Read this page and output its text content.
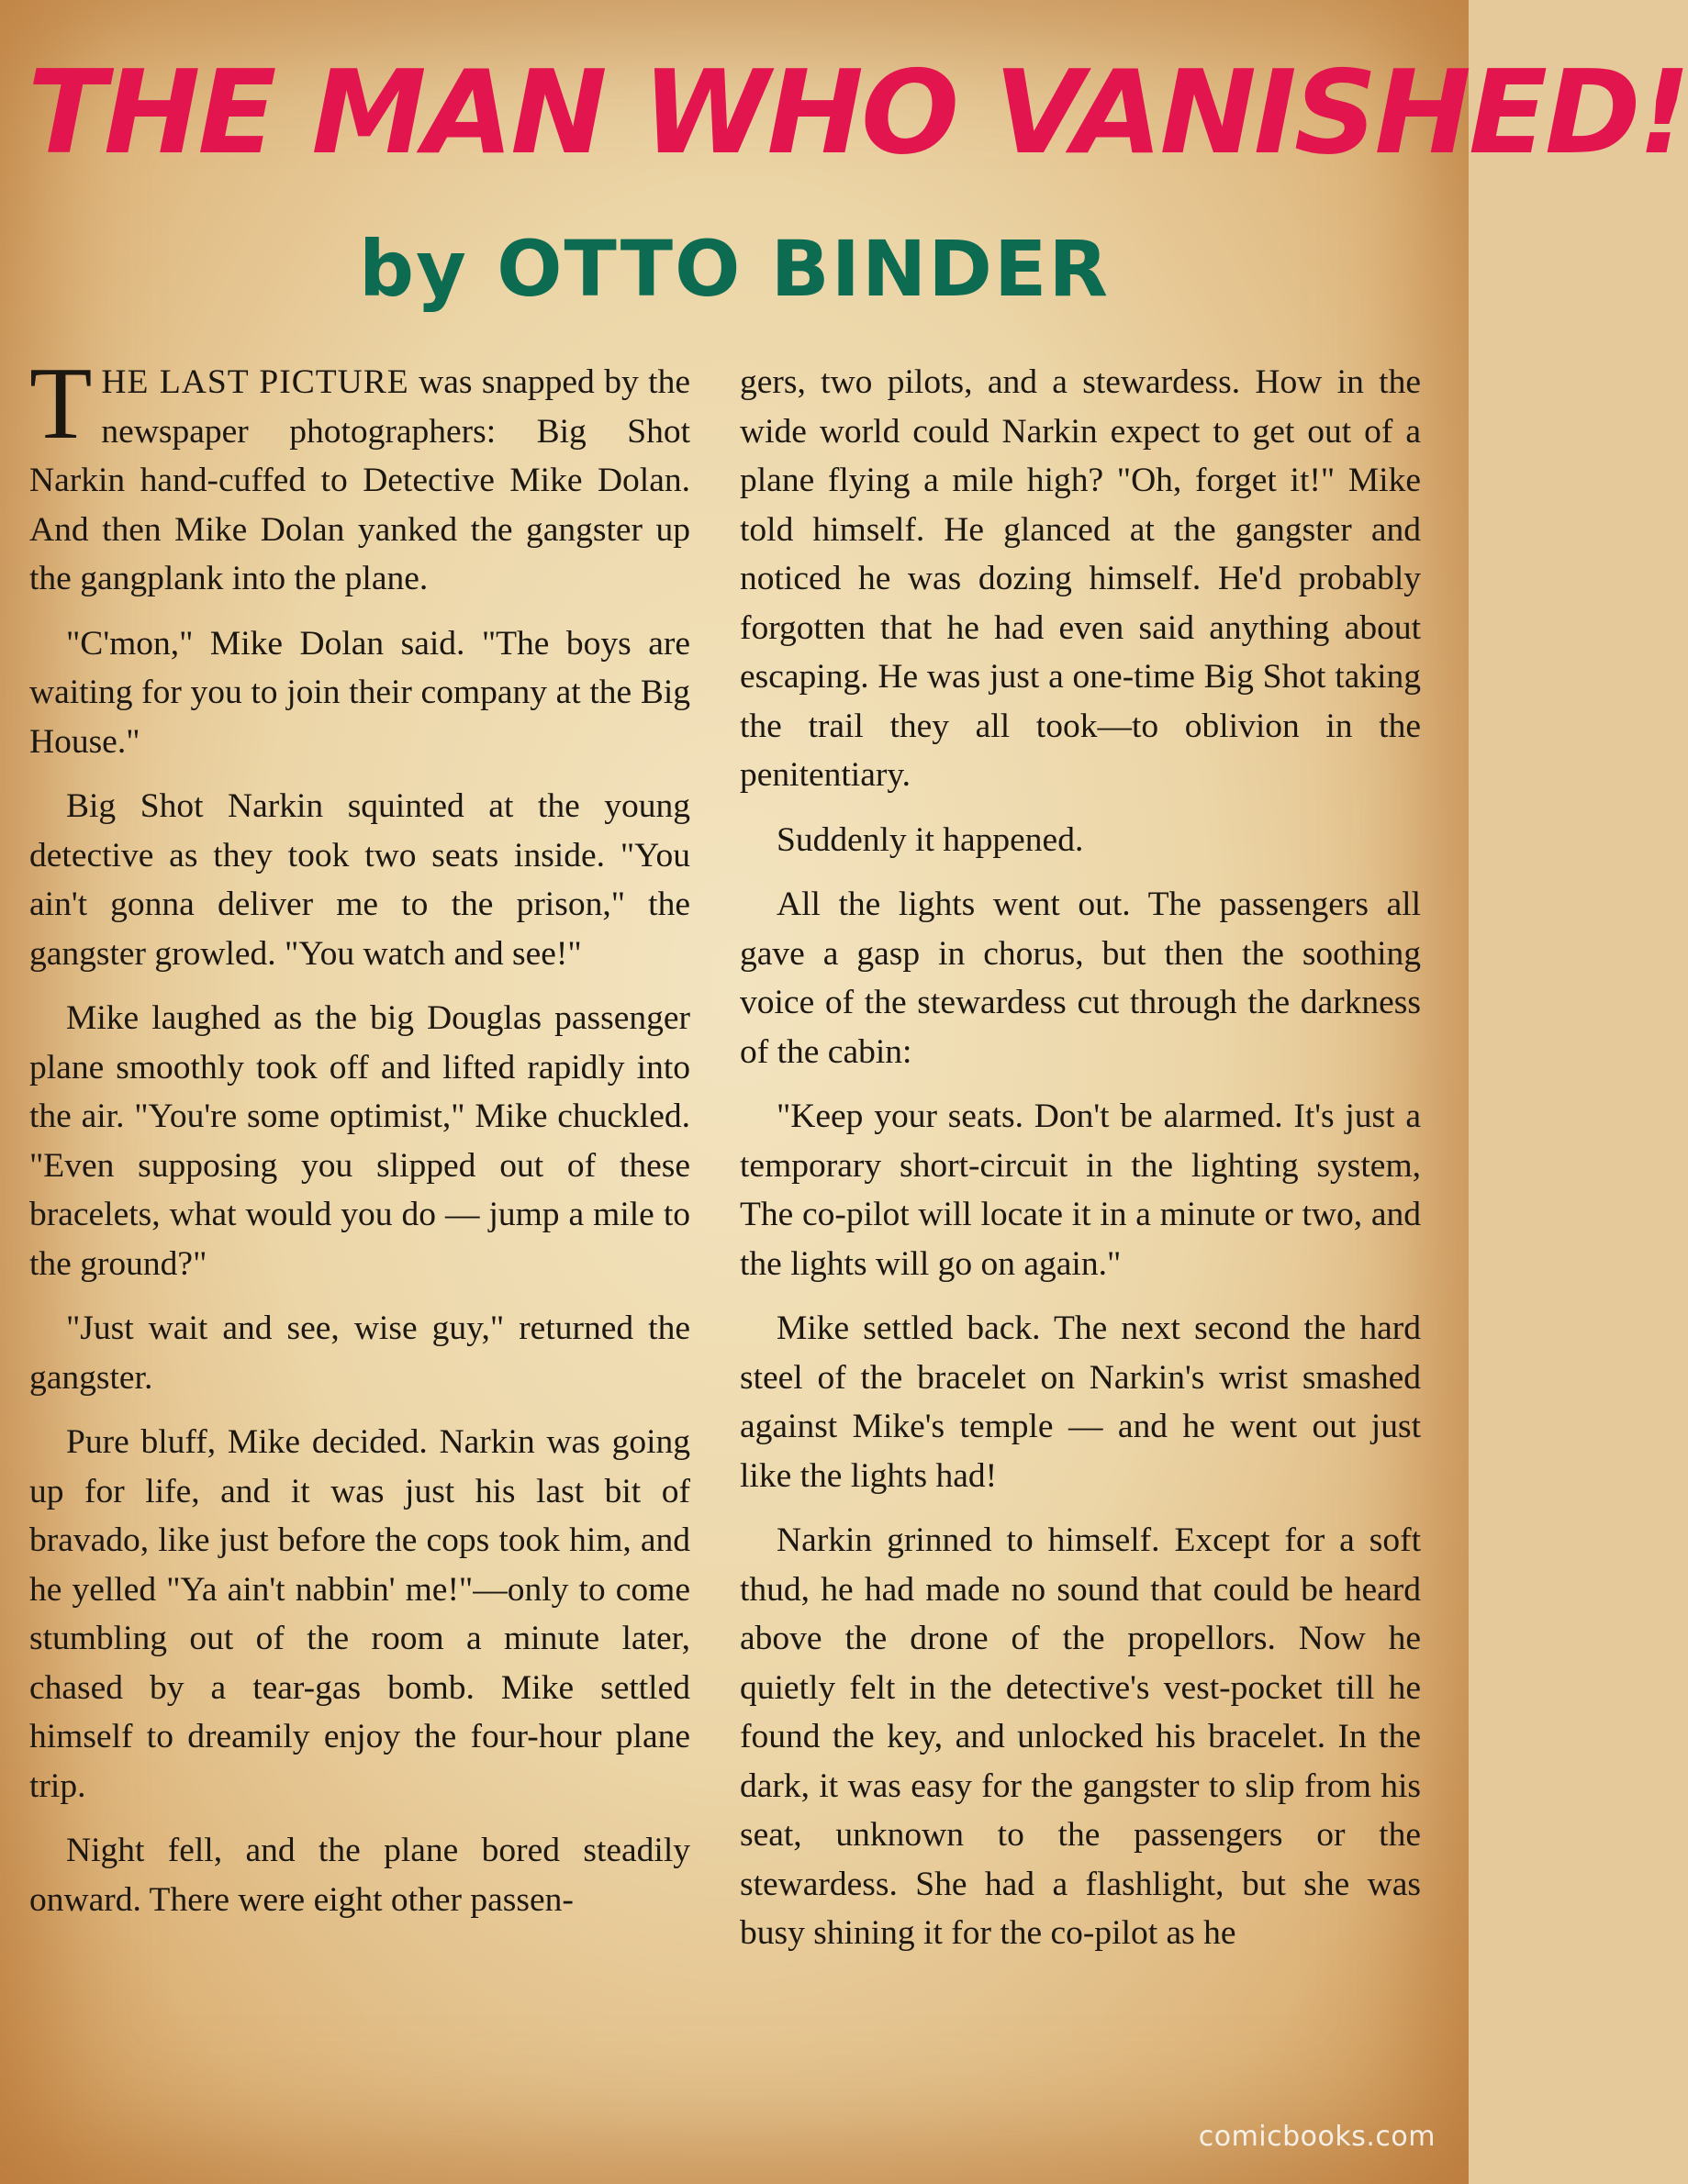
THE MAN WHO VANISHED!
by OTTO BINDER

THE LAST PICTURE was snapped by the newspaper photographers: Big Shot Narkin hand-cuffed to Detective Mike Dolan. And then Mike Dolan yanked the gangster up the gangplank into the plane.

"C'mon," Mike Dolan said. "The boys are waiting for you to join their company at the Big House."

Big Shot Narkin squinted at the young detective as they took two seats inside. "You ain't gonna deliver me to the prison," the gangster growled. "You watch and see!"

Mike laughed as the big Douglas passenger plane smoothly took off and lifted rapidly into the air. "You're some optimist," Mike chuckled. "Even supposing you slipped out of these bracelets, what would you do — jump a mile to the ground?"

"Just wait and see, wise guy," returned the gangster.

Pure bluff, Mike decided. Narkin was going up for life, and it was just his last bit of bravado, like just before the cops took him, and he yelled "Ya ain't nabbin' me!"—only to come stumbling out of the room a minute later, chased by a tear-gas bomb. Mike settled himself to dreamily enjoy the four-hour plane trip.

Night fell, and the plane bored steadily onward. There were eight other passen-

gers, two pilots, and a stewardess. How in the wide world could Narkin expect to get out of a plane flying a mile high? "Oh, forget it!" Mike told himself. He glanced at the gangster and noticed he was dozing himself. He'd probably forgotten that he had even said anything about escaping. He was just a one-time Big Shot taking the trail they all took—to oblivion in the penitentiary.

Suddenly it happened.

All the lights went out. The passengers all gave a gasp in chorus, but then the soothing voice of the stewardess cut through the darkness of the cabin:

"Keep your seats. Don't be alarmed. It's just a temporary short-circuit in the lighting system, The co-pilot will locate it in a minute or two, and the lights will go on again."

Mike settled back. The next second the hard steel of the bracelet on Narkin's wrist smashed against Mike's temple — and he went out just like the lights had!

Narkin grinned to himself. Except for a soft thud, he had made no sound that could be heard above the drone of the propellors. Now he quietly felt in the detective's vest-pocket till he found the key, and unlocked his bracelet. In the dark, it was easy for the gangster to slip from his seat, unknown to the passengers or the stewardess. She had a flashlight, but she was busy shining it for the co-pilot as he

comicbooks.com
